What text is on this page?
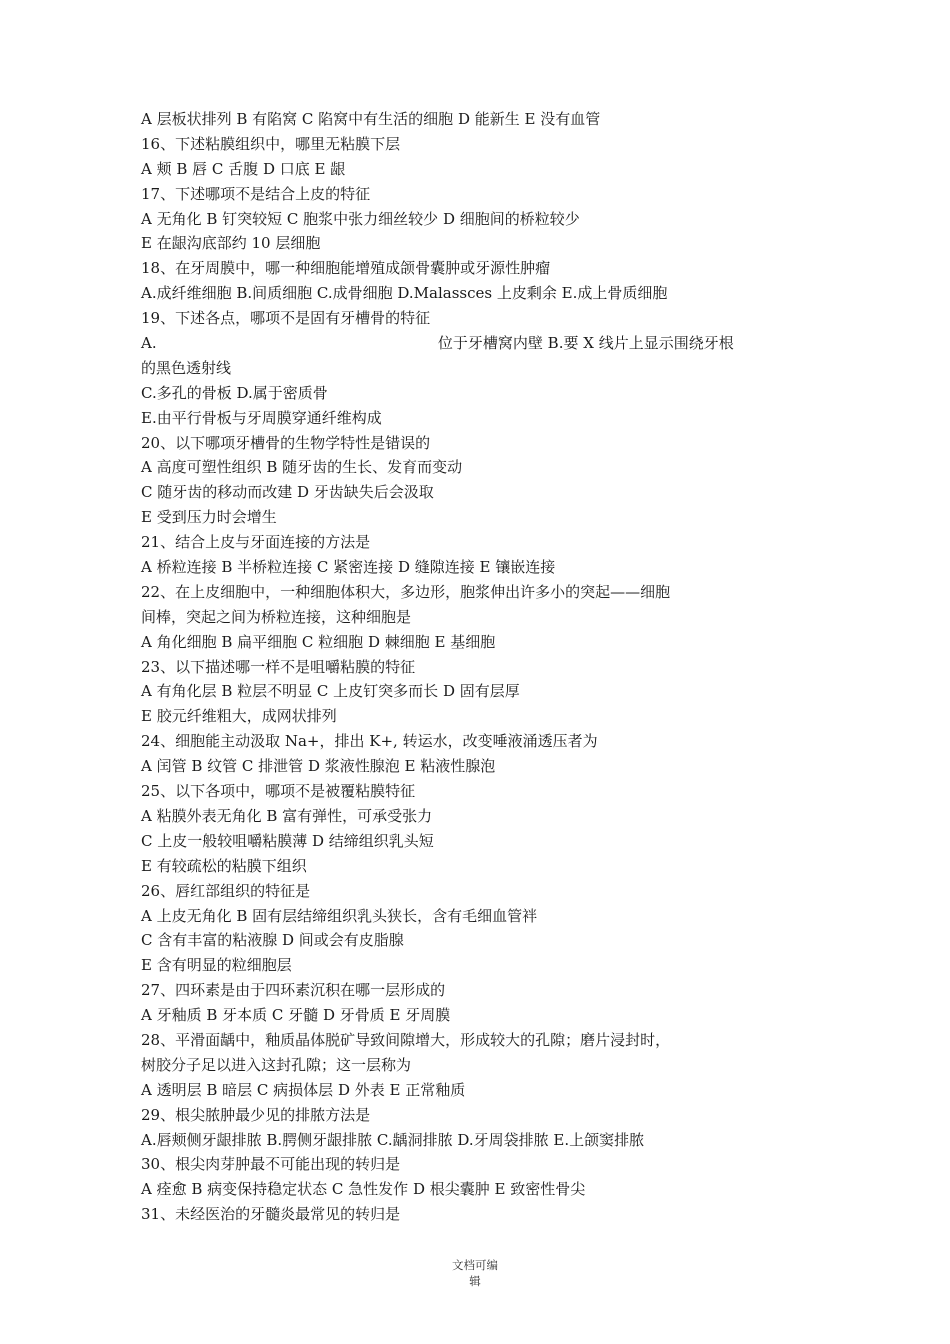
A 层板状排列 B 有陷窝 C 陷窝中有生活的细胞 D 能新生 E 没有血管
16、下述粘膜组织中，哪里无粘膜下层
A 颊 B 唇 C 舌腹 D 口底 E 龈
17、下述哪项不是结合上皮的特征
A 无角化 B 钉突较短 C 胞浆中张力细丝较少 D 细胞间的桥粒较少
E 在龈沟底部约 10 层细胞
18、在牙周膜中，哪一种细胞能增殖成颌骨囊肿或牙源性肿瘤
A.成纤维细胞 B.间质细胞 C.成骨细胞 D.Malassces 上皮剩余 E.成上骨质细胞
19、下述各点，哪项不是固有牙槽骨的特征
A.                                                           位于牙槽窝内壁 B.要 X 线片上显示围绕牙根
的黑色透射线
C.多孔的骨板 D.属于密质骨
E.由平行骨板与牙周膜穿通纤维构成
20、以下哪项牙槽骨的生物学特性是错误的
A 高度可塑性组织 B 随牙齿的生长、发育而变动
C 随牙齿的移动而改建 D 牙齿缺失后会汲取
E 受到压力时会增生
21、结合上皮与牙面连接的方法是
A 桥粒连接 B 半桥粒连接 C 紧密连接 D 缝隙连接 E 镶嵌连接
22、在上皮细胞中，一种细胞体积大，多边形，胞浆伸出许多小的突起——细胞
间棒，突起之间为桥粒连接，这种细胞是
A 角化细胞 B 扁平细胞 C 粒细胞 D 棘细胞 E 基细胞
23、以下描述哪一样不是咀嚼粘膜的特征
A 有角化层 B 粒层不明显 C 上皮钉突多而长 D 固有层厚
E 胶元纤维粗大，成网状排列
24、细胞能主动汲取 Na+，排出 K+, 转运水，改变唾液涌透压者为
A 闰管 B 纹管 C 排泄管 D 浆液性腺泡 E 粘液性腺泡
25、以下各项中，哪项不是被覆粘膜特征
A 粘膜外表无角化 B 富有弹性，可承受张力
C 上皮一般较咀嚼粘膜薄 D 结缔组织乳头短
E 有较疏松的粘膜下组织
26、唇红部组织的特征是
A 上皮无角化 B 固有层结缔组织乳头狭长，含有毛细血管袢
C 含有丰富的粘液腺 D 间或会有皮脂腺
E 含有明显的粒细胞层
27、四环素是由于四环素沉积在哪一层形成的
A 牙釉质 B 牙本质 C 牙髓 D 牙骨质 E 牙周膜
28、平滑面龋中，釉质晶体脱矿导致间隙增大，形成较大的孔隙；磨片浸封时，
树胶分子足以进入这封孔隙；这一层称为
A 透明层 B 暗层 C 病损体层 D 外表 E 正常釉质
29、根尖脓肿最少见的排脓方法是
A.唇颊侧牙龈排脓 B.腭侧牙龈排脓 C.龋洞排脓 D.牙周袋排脓 E.上颌窦排脓
30、根尖肉芽肿最不可能出现的转归是
A 痊愈 B 病变保持稳定状态 C 急性发作 D 根尖囊肿 E 致密性骨尖
31、未经医治的牙髓炎最常见的转归是
文档可编
辑
